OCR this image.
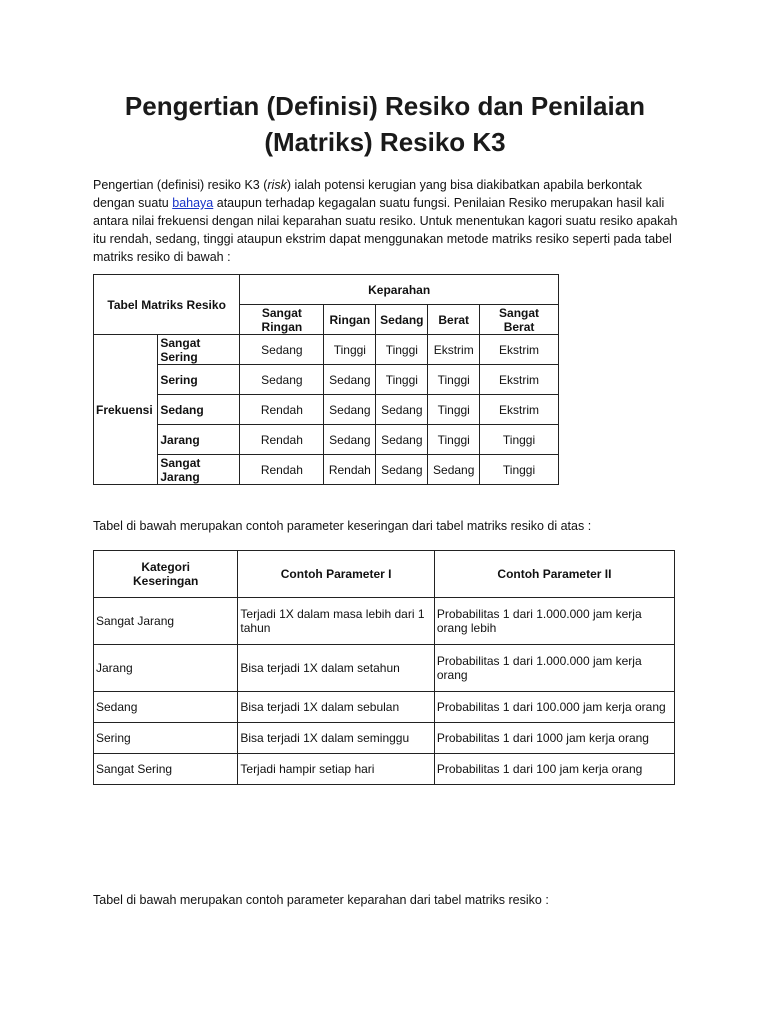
Pengertian (Definisi) Resiko dan Penilaian
(Matriks) Resiko K3

Pengertian (definisi) resiko K3 (risk) ialah potensi kerugian yang bisa diakibatkan apabila berkontak dengan suatu bahaya ataupun terhadap kegagalan suatu fungsi. Penilaian Resiko merupakan hasil kali antara nilai frekuensi dengan nilai keparahan suatu resiko. Untuk menentukan kagori suatu resiko apakah itu rendah, sedang, tinggi ataupun ekstrim dapat menggunakan metode matriks resiko seperti pada tabel matriks resiko di bawah :

Tabel Matriks Resiko		Keparahan				
		Sangat Ringan	Ringan	Sedang	Berat	Sangat Berat
Frekuensi	Sangat Sering	Sedang	Tinggi	Tinggi	Ekstrim	Ekstrim
	Sering	Sedang	Sedang	Tinggi	Tinggi	Ekstrim
	Sedang	Rendah	Sedang	Sedang	Tinggi	Ekstrim
	Jarang	Rendah	Sedang	Sedang	Tinggi	Tinggi
	Sangat Jarang	Rendah	Rendah	Sedang	Sedang	Tinggi
Tabel di bawah merupakan contoh parameter keseringan dari tabel matriks resiko di atas :
Kategori Keseringan	Contoh Parameter I	Contoh Parameter II
Sangat Jarang	Terjadi 1X dalam masa lebih dari 1 tahun	Probabilitas 1 dari 1.000.000 jam kerja orang lebih
Jarang	Bisa terjadi 1X dalam setahun	Probabilitas 1 dari 1.000.000 jam kerja orang
Sedang	Bisa terjadi 1X dalam sebulan	Probabilitas 1 dari 100.000 jam kerja orang
Sering	Bisa terjadi 1X dalam seminggu	Probabilitas 1 dari 1000 jam kerja orang
Sangat Sering	Terjadi hampir setiap hari	Probabilitas 1 dari 100 jam kerja orang
Tabel di bawah merupakan contoh parameter keparahan dari tabel matriks resiko :
